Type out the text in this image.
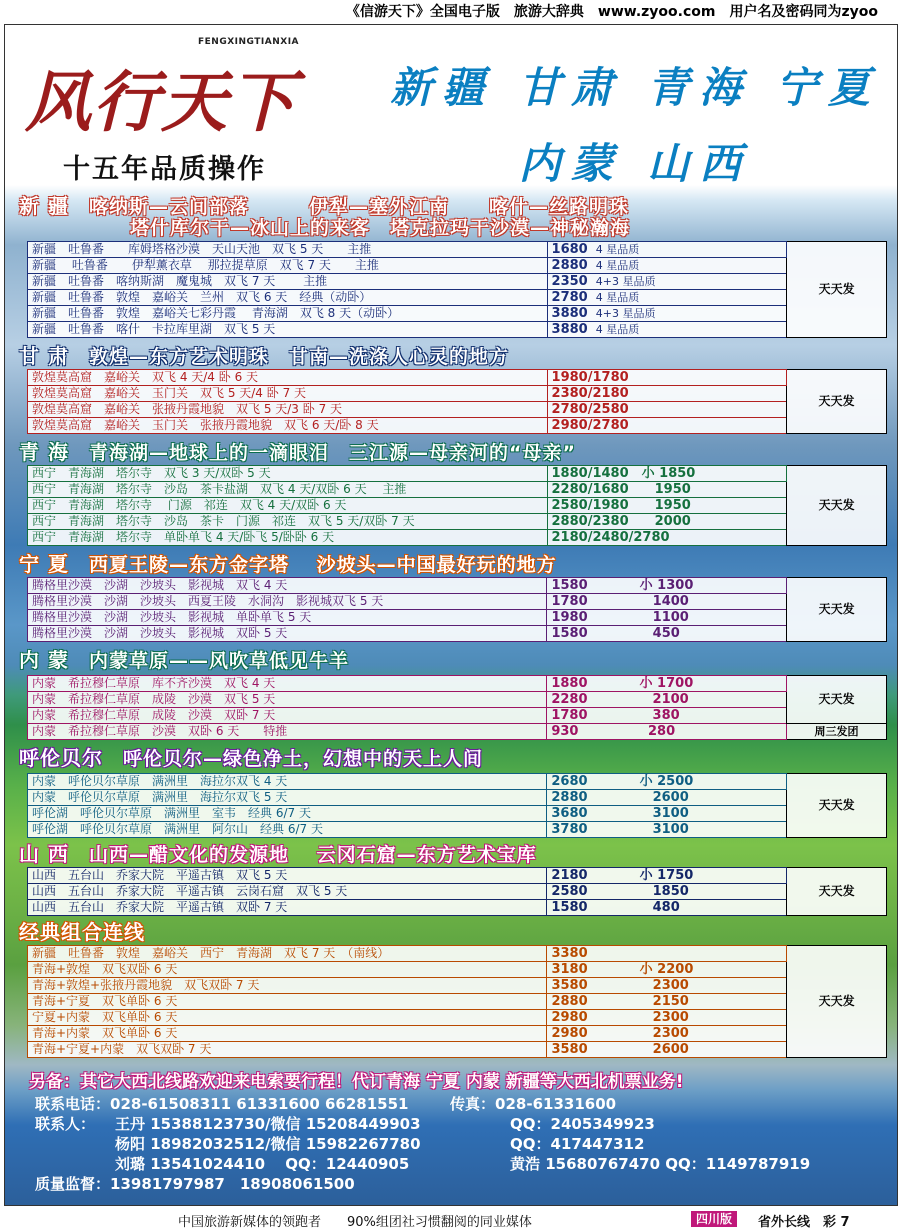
《信游天下》全国电子版　旅游大辞典　www.zyoo.com　用户名及密码同为zyoo
FENGXINGTIANXIA
风行天下
十五年品质操作
新疆 甘肃 青海 宁夏
内蒙 山西
新 疆　喀纳斯—云间部落　　　伊犁—塞外江南　　喀什—丝路明珠
塔什库尔干—冰山上的来客　塔克拉玛干沙漠—神秘瀚海
新疆　吐鲁番　　库姆塔格沙漠　天山天池　双飞 5 天　　主推	1680 4 星品质	天天发
新疆　 吐鲁番　　伊犁薰衣草　 那拉提草原　双飞 7 天　　主推	2880 4 星品质	
新疆　吐鲁番　喀纳斯湖　魔鬼城　双飞 7 天　　 主推	2350 4+3 星品质	
新疆　吐鲁番　敦煌　嘉峪关　兰州　双飞 6 天　经典（动卧）	2780 4 星品质	
新疆　吐鲁番　敦煌　嘉峪关七彩丹霞　 青海湖　双飞 8 天（动卧）	3880 4+3 星品质	
新疆　吐鲁番　喀什　卡拉库里湖　双飞 5 天	3880 4 星品质	
甘 肃　敦煌—东方艺术明珠　甘南—洗涤人心灵的地方
敦煌莫高窟　嘉峪关　双飞 4 天/4 卧 6 天	1980/1780	天天发
敦煌莫高窟　嘉峪关　玉门关　双飞 5 天/4 卧 7 天	2380/2180	
敦煌莫高窟　嘉峪关　张掖丹霞地貌　双飞 5 天/3 卧 7 天	2780/2580	
敦煌莫高窟　嘉峪关　玉门关　张掖丹霞地貌　双飞 6 天/卧 8 天	2980/2780	
青 海　青海湖—地球上的一滴眼泪　三江源—母亲河的“母亲”
西宁　青海湖　塔尔寺　双飞 3 天/双卧 5 天	1880/1480　小 1850	天天发
西宁　青海湖　塔尔寺　沙岛　茶卡盐湖　双飞 4 天/双卧 6 天　 主推	2280/1680　　1950	
西宁　青海湖　塔尔寺　 门源　祁连　双飞 4 天/双卧 6 天	2580/1980　　1950	
西宁　青海湖　塔尔寺　沙岛　茶卡　门源　祁连　双飞 5 天/双卧 7 天	2880/2380　　2000	
西宁　青海湖　塔尔寺　单卧单飞 4 天/卧飞 5/卧卧 6 天	2180/2480/2780	
宁 夏　西夏王陵—东方金字塔　 沙坡头—中国最好玩的地方
腾格里沙漠　沙湖　沙坡头　影视城　双飞 4 天	1580　　　　小 1300	天天发
腾格里沙漠　沙湖　沙坡头　西夏王陵　水洞沟　影视城双飞 5 天	1780　　　　　1400	
腾格里沙漠　沙湖　沙坡头　影视城　单卧单飞 5 天	1980　　　　　1100	
腾格里沙漠　沙湖　沙坡头　影视城　双卧 5 天	1580　　　　　450	
内 蒙　内蒙草原——风吹草低见牛羊
内蒙　希拉穆仁草原　库不齐沙漠　双飞 4 天	1880　　　　小 1700	天天发
内蒙　希拉穆仁草原　成陵　沙漠　双飞 5 天	2280　　　　　2100	
内蒙　希拉穆仁草原　成陵　沙漠　双卧 7 天	1780　　　　　380	
内蒙　希拉穆仁草原　沙漠　双卧 6 天　　特推	930　　　　　 280	周三发团
呼伦贝尔　呼伦贝尔—绿色净土，幻想中的天上人间
内蒙　呼伦贝尔草原　满洲里　海拉尔双飞 4 天	2680　　　　小 2500	天天发
内蒙　呼伦贝尔草原　满洲里　海拉尔双飞 5 天	2880　　　　　2600	
呼伦湖　呼伦贝尔草原　满洲里　室韦　经典 6/7 天	3680　　　　　3100	
呼伦湖　呼伦贝尔草原　满洲里　阿尔山　经典 6/7 天	3780　　　　　3100	
山 西　山西—醋文化的发源地　 云冈石窟—东方艺术宝库
山西　五台山　乔家大院　平遥古镇　双飞 5 天	2180　　　　小 1750	天天发
山西　五台山　乔家大院　平遥古镇　云岗石窟　双飞 5 天	2580　　　　　1850	
山西　五台山　乔家大院　平遥古镇　双卧 7 天	1580　　　　　480	
经典组合连线
新疆　吐鲁番　敦煌　嘉峪关　西宁　青海湖　双飞 7 天　（南线）	3380	天天发
青海+敦煌　双飞双卧 6 天	3180　　　　小 2200	
青海+敦煌+张掖丹霞地貌　双飞双卧 7 天	3580　　　　　2300	
青海+宁夏　双飞单卧 6 天	2880　　　　　2150	
宁夏+内蒙　双飞单卧 6 天	2980　　　　　2300	
青海+内蒙　双飞单卧 6 天	2980　　　　　2300	
青海+宁夏+内蒙　双飞双卧 7 天	3580　　　　　2600	
另备：其它大西北线路欢迎来电索要行程！代订青海 宁夏 内蒙 新疆等大西北机票业务!
联系电话：028-61508311 61331600 66281551	传真：028-61331600
联系人： 王丹 15388123730/微信 15208449903	QQ：2405349923
杨阳 18982032512/微信 15982267780	QQ：417447312
刘璐 13541024410　 QQ：12440905	黄浩 15680767470 QQ：1149787919
质量监督：13981797987　18908061500
中国旅游新媒体的领跑者　　90%组团社习惯翻阅的同业媒体	四川版	省外长线　彩 7
